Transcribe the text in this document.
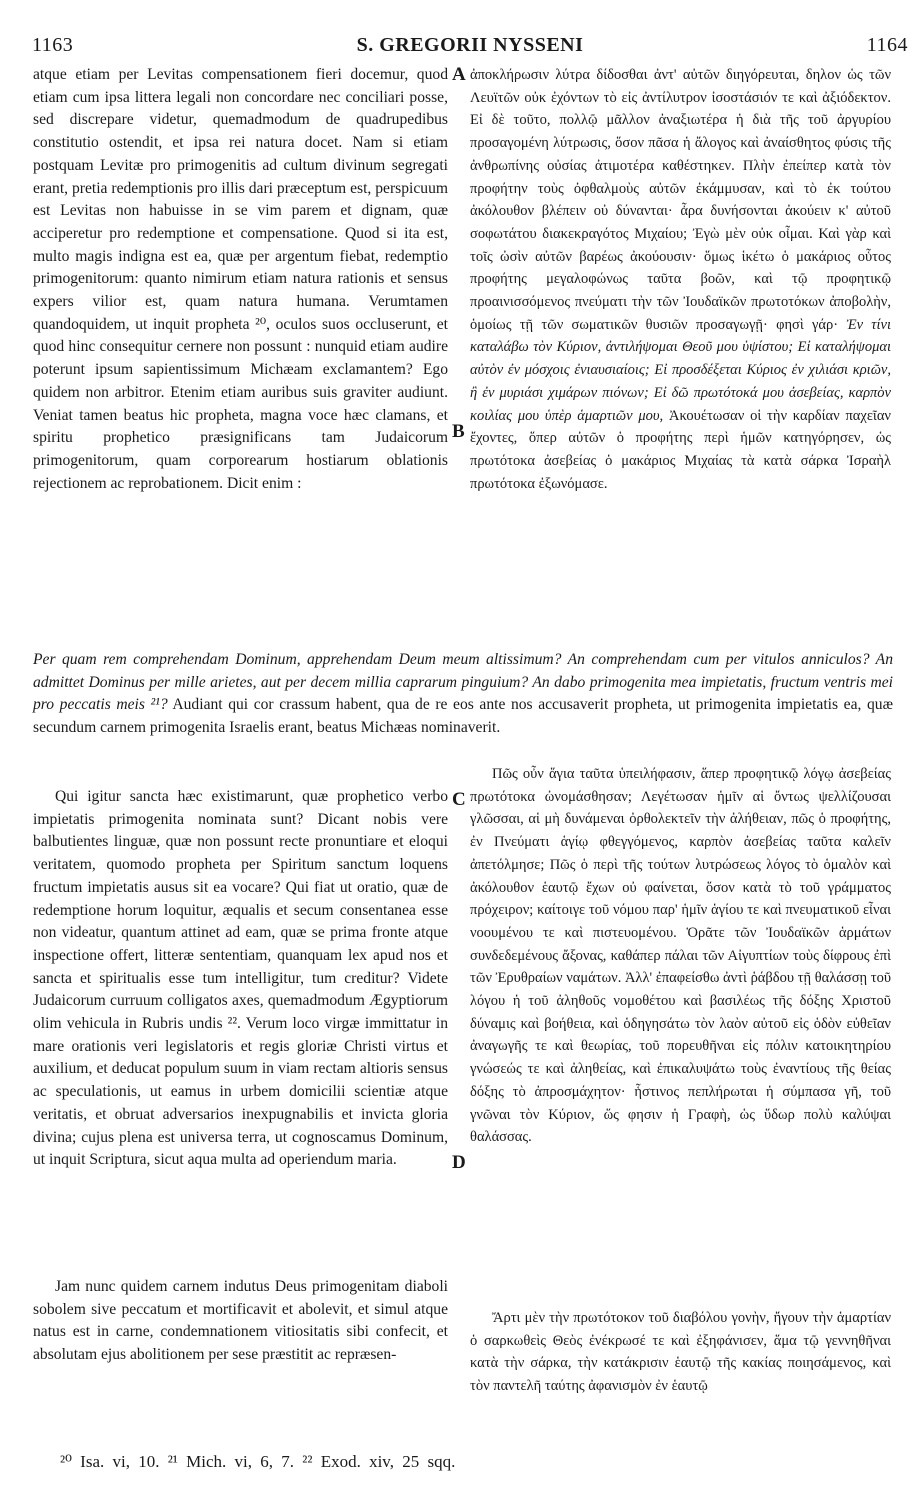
1163	S. GREGORII NYSSENI	1164

atque etiam per Levitas compensationem fieri docemur, quod etiam cum ipsa littera legali non concordare nec conciliari posse, sed discrepare videtur, quemadmodum de quadrupedibus constitutio ostendit, et ipsa rei natura docet. Nam si etiam postquam Levitæ pro primogenitis ad cultum divinum segregati erant, pretia redemptionis pro illis dari præceptum est, perspicuum est Levitas non habuisse in se vim parem et dignam, quæ acciperetur pro redemptione et compensatione. Quod si ita est, multo magis indigna est ea, quæ per argentum fiebat, redemptio primogenitorum: quanto nimirum etiam natura rationis et sensus expers vilior est, quam natura humana. Verumtamen quandoquidem, ut inquit propheta ²⁰, oculos suos occluserunt, et quod hinc consequitur cernere non possunt : nunquid etiam audire poterunt ipsum sapientissimum Michæam exclamantem? Ego quidem non arbitror. Etenim etiam auribus suis graviter audiunt. Veniat tamen beatus hic propheta, magna voce hæc clamans, et spiritu prophetico præsignificans tam Judaicorum primogenitorum, quam corporearum hostiarum oblationis rejectionem ac reprobationem. Dicit enim :

A
B

ἀποκλήρωσιν λύτρα δίδοσθαι ἀντ' αὐτῶν διηγόρευται, δηλον ὡς τῶν Λευϊτῶν οὐκ ἐχόντων τὸ εἰς ἀντίλυτρον ἰσοστάσιόν τε καὶ ἀξιόδεκτον. Εἰ δὲ τοῦτο, πολλῷ μᾶλλον ἀναξιωτέρα ἡ διὰ τῆς τοῦ ἀργυρίου προσαγομένη λύτρωσις, ὅσον πᾶσα ἡ ἄλογος καὶ ἀναίσθητος φύσις τῆς ἀνθρωπίνης οὐσίας ἀτιμοτέρα καθέστηκεν. Πλὴν ἐπείπερ κατὰ τὸν προφήτην τοὺς ὀφθαλμοὺς αὐτῶν ἐκάμμυσαν, καὶ τὸ ἐκ τούτου ἀκόλουθον βλέπειν οὐ δύνανται· ἆρα δυνήσονται ἀκούειν κ' αὐτοῦ σοφωτάτου διακεκραγότος Μιχαίου; Ἐγὼ μὲν οὐκ οἶμαι. Καὶ γὰρ καὶ τοῖς ὠσὶν αὐτῶν βαρέως ἀκούουσιν· ὅμως ἱκέτω ὁ μακάριος οὗτος προφήτης μεγαλοφώνως ταῦτα βοῶν, καὶ τῷ προφητικῷ προαινισσόμενος πνεύματι τὴν τῶν Ἰουδαϊκῶν πρωτοτόκων ἀποβολὴν, ὁμοίως τῇ τῶν σωματικῶν θυσιῶν προσαγωγῇ· φησὶ γάρ· Ἐν τίνι καταλάβω τὸν Κύριον, ἀντιλήψομαι Θεοῦ μου ὑψίστου; Εἰ καταλήψομαι αὐτὸν ἐν μόσχοις ἐνιαυσιαίοις; Εἰ προσδέξεται Κύριος ἐν χιλιάσι κριῶν, ἢ ἐν μυριάσι χιμάρων πιόνων; Εἰ δῶ πρωτότοκά μου ἀσεβείας, καρπὸν κοιλίας μου ὑπὲρ ἁμαρτιῶν μου, Ἀκουέτωσαν οἱ τὴν καρδίαν παχεῖαν ἔχοντες, ὅπερ αὐτῶν ὁ προφήτης περὶ ἡμῶν κατηγόρησεν, ὡς πρωτότοκα ἀσεβείας ὁ μακάριος Μιχαίας τὰ κατὰ σάρκα Ἰσραὴλ πρωτότοκα ἐξωνόμασε.

Per quam rem comprehendam Dominum, apprehendam Deum meum altissimum? An comprehendam cum per vitulos anniculos? An admittet Dominus per mille arietes, aut per decem millia caprarum pinguium? An dabo primogenita mea impietatis, fructum ventris mei pro peccatis meis ²¹? Audiant qui cor crassum habent, qua de re eos ante nos accusaverit propheta, ut primogenita impietatis ea, quæ secundum carnem primogenita Israelis erant, beatus Michæas nominaverit.

Qui igitur sancta hæc existimarunt, quæ prophetico verbo impietatis primogenita nominata sunt? Dicant nobis vere balbutientes linguæ, quæ non possunt recte pronuntiare et eloqui veritatem, quomodo propheta per Spiritum sanctum loquens fructum impietatis ausus sit ea vocare? Qui fiat ut oratio, quæ de redemptione horum loquitur, æqualis et secum consentanea esse non videatur, quantum attinet ad eam, quæ se prima fronte atque inspectione offert, litteræ sententiam, quanquam lex apud nos et sancta et spiritualis esse tum intelligitur, tum creditur? Videte Judaicorum curruum colligatos axes, quemadmodum Ægyptiorum olim vehicula in Rubris undis ²². Verum loco virgæ immittatur in mare orationis veri legislatoris et regis gloriæ Christi virtus et auxilium, et deducat populum suum in viam rectam altioris sensus ac speculationis, ut eamus in urbem domicilii scientiæ atque veritatis, et obruat adversarios inexpugnabilis et invicta gloria divina; cujus plena est universa terra, ut cognoscamus Dominum, ut inquit Scriptura, sicut aqua multa ad operiendum maria.

C
D

Πῶς οὖν ἅγια ταῦτα ὑπειλήφασιν, ἅπερ προφητικῷ λόγῳ ἀσεβείας πρωτότοκα ὠνομάσθησαν; Λεγέτωσαν ἡμῖν αἱ ὄντως ψελλίζουσαι γλῶσσαι, αἱ μὴ δυνάμεναι ὀρθολεκτεῖν τὴν ἀλήθειαν, πῶς ὁ προφήτης, ἐν Πνεύματι ἁγίῳ φθεγγόμενος, καρπὸν ἀσεβείας ταῦτα καλεῖν ἀπετόλμησε; Πῶς ὁ περὶ τῆς τούτων λυτρώσεως λόγος τὸ ὁμαλὸν καὶ ἀκόλουθον ἑαυτῷ ἔχων οὐ φαίνεται, ὅσον κατὰ τὸ τοῦ γράμματος πρόχειρον; καίτοιγε τοῦ νόμου παρ' ἡμῖν ἁγίου τε καὶ πνευματικοῦ εἶναι νοουμένου τε καὶ πιστευομένου. Ὁρᾶτε τῶν Ἰουδαϊκῶν ἁρμάτων συνδεδεμένους ἄξονας, καθάπερ πάλαι τῶν Αἰγυπτίων τοὺς δίφρους ἐπὶ τῶν Ἐρυθραίων ναμάτων. Ἀλλ' ἐπαφείσθω ἀντὶ ῥάβδου τῇ θαλάσσῃ τοῦ λόγου ἡ τοῦ ἀληθοῦς νομοθέτου καὶ βασιλέως τῆς δόξης Χριστοῦ δύναμις καὶ βοήθεια, καὶ ὁδηγησάτω τὸν λαὸν αὐτοῦ εἰς ὁδὸν εὐθεῖαν ἀναγωγῆς τε καὶ θεωρίας, τοῦ πορευθῆναι εἰς πόλιν κατοικητηρίου γνώσεώς τε καὶ ἀληθείας, καὶ ἐπικαλυψάτω τοὺς ἐναντίους τῆς θείας δόξης τὸ ἀπροσμάχητον· ἧστινος πεπλήρωται ἡ σύμπασα γῆ, τοῦ γνῶναι τὸν Κύριον, ὥς φησιν ἡ Γραφὴ, ὡς ὕδωρ πολὺ καλύψαι θαλάσσας.

Jam nunc quidem carnem indutus Deus primogenitam diaboli sobolem sive peccatum et mortificavit et abolevit, et simul atque natus est in carne, condemnationem vitiositatis sibi confecit, et absolutam ejus abolitionem per sese præstitit ac repræsen-

Ἄρτι μὲν τὴν πρωτότοκον τοῦ διαβόλου γονὴν, ἤγουν τὴν ἁμαρτίαν ὁ σαρκωθεὶς Θεὸς ἐνέκρωσέ τε καὶ ἐξηφάνισεν, ἅμα τῷ γεννηθῆναι κατὰ τὴν σάρκα, τὴν κατάκρισιν ἑαυτῷ τῆς κακίας ποιησάμενος, καὶ τὸν παντελῆ ταύτης ἀφανισμὸν ἐν ἑαυτῷ

²⁰ Isa. vi, 10. ²¹ Mich. vi, 6, 7. ²² Exod. xiv, 25 sqq.
